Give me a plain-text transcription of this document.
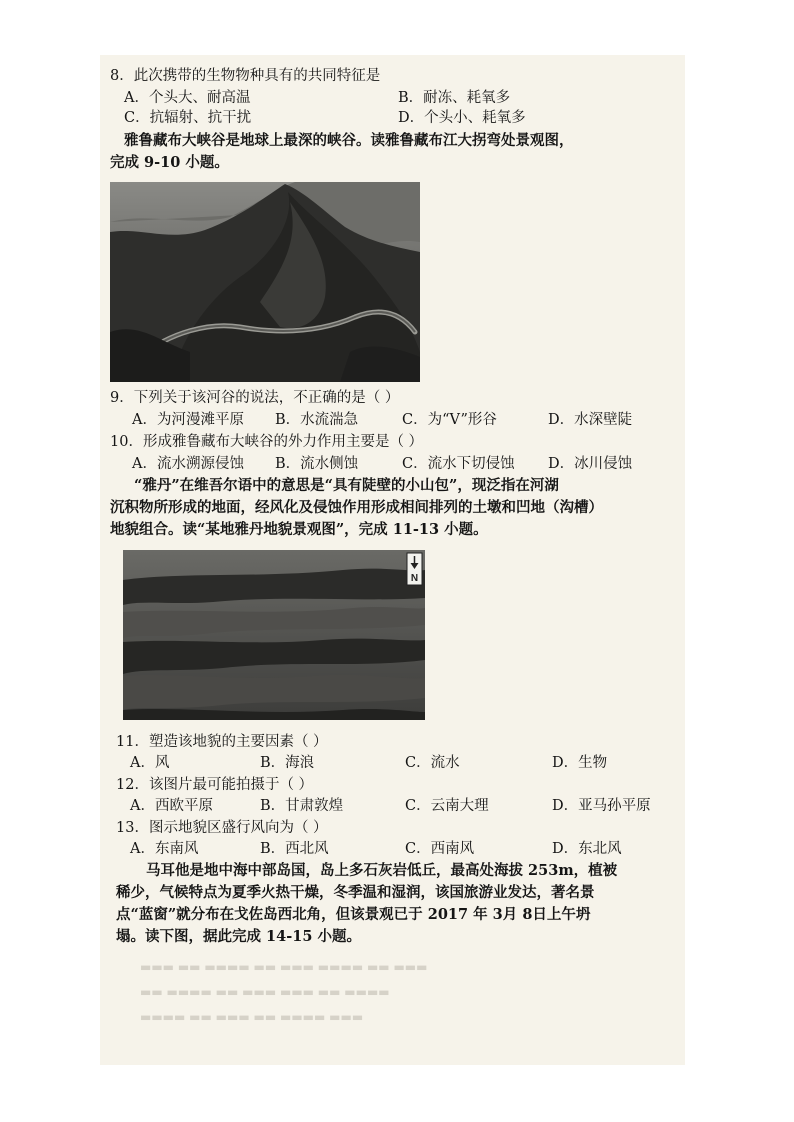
8．此次携带的生物物种具有的共同特征是
A．个头大、耐高温	B．耐冻、耗氧多
C．抗辐射、抗干扰	D．个头小、耗氧多
雅鲁藏布大峡谷是地球上最深的峡谷。读雅鲁藏布江大拐弯处景观图，
完成 9-10 小题。
9．下列关于该河谷的说法，不正确的是（ ）
A．为河漫滩平原 B．水流湍急	C．为“V”形谷	D．水深壁陡
10．形成雅鲁藏布大峡谷的外力作用主要是（ ）
A．流水溯源侵蚀 B．流水侧蚀	C．流水下切侵蚀 D．冰川侵蚀
“雅丹”在维吾尔语中的意思是“具有陡壁的小山包”，现泛指在河湖
沉积物所形成的地面，经风化及侵蚀作用形成相间排列的土墩和凹地（沟槽）
地貌组合。读“某地雅丹地貌景观图”，完成 11-13 小题。
N
11．塑造该地貌的主要因素（ ）
A．风	B．海浪	C．流水	D．生物
12．该图片最可能拍摄于（ ）
A．西欧平原	B．甘肃敦煌	C．云南大理	D．亚马孙平原
13．图示地貌区盛行风向为（ ）
A．东南风	B．西北风	C．西南风	D．东北风
马耳他是地中海中部岛国，岛上多石灰岩低丘，最高处海拔 253m，植被
稀少，气候特点为夏季火热干燥，冬季温和湿润，该国旅游业发达，著名景
点“蓝窗”就分布在戈佐岛西北角，但该景观已于 2017 年 3月 8日上午坍
塌。读下图，据此完成 14-15 小题。
▬▬▬ ▬▬ ▬▬▬▬ ▬▬ ▬▬▬ ▬▬▬▬ ▬▬ ▬▬▬
▬▬ ▬▬▬▬ ▬▬ ▬▬▬ ▬▬▬ ▬▬ ▬▬▬▬
▬▬▬▬ ▬▬ ▬▬▬ ▬▬ ▬▬▬▬ ▬▬▬
